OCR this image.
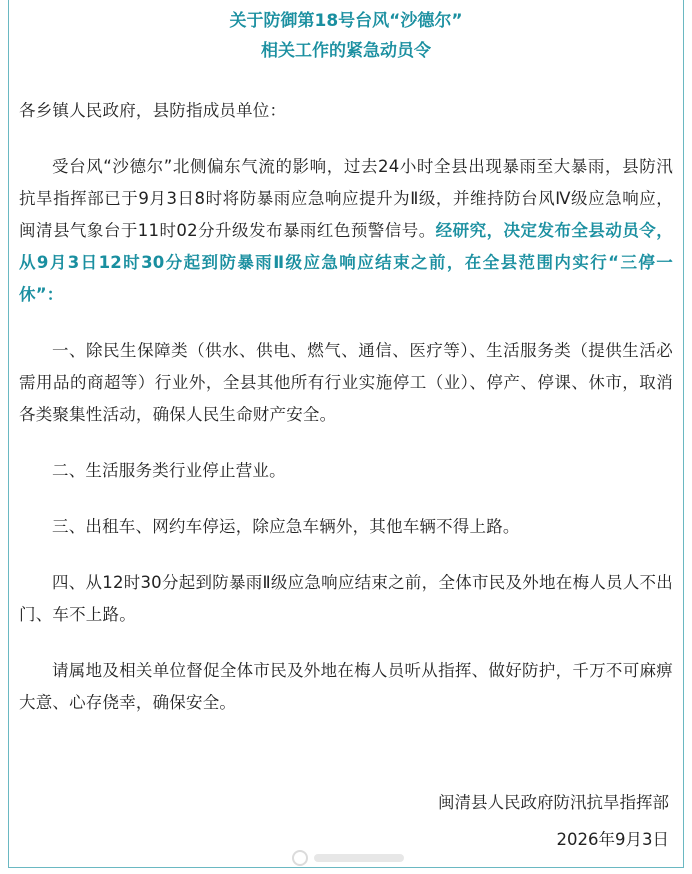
关于防御第18号台风“沙德尔”
相关工作的紧急动员令

各乡镇人民政府，县防指成员单位：

受台风“沙德尔”北侧偏东气流的影响，过去24小时全县出现暴雨至大暴雨，县防汛抗旱指挥部已于9月3日8时将防暴雨应急响应提升为Ⅱ级，并维持防台风Ⅳ级应急响应，闽清县气象台于11时02分升级发布暴雨红色预警信号。经研究，决定发布全县动员令，从9月3日12时30分起到防暴雨Ⅱ级应急响应结束之前，在全县范围内实行“三停一休”：

一、除民生保障类（供水、供电、燃气、通信、医疗等）、生活服务类（提供生活必需用品的商超等）行业外，全县其他所有行业实施停工（业）、停产、停课、休市，取消各类聚集性活动，确保人民生命财产安全。

二、生活服务类行业停止营业。

三、出租车、网约车停运，除应急车辆外，其他车辆不得上路。

四、从12时30分起到防暴雨Ⅱ级应急响应结束之前，全体市民及外地在梅人员人不出门、车不上路。

请属地及相关单位督促全体市民及外地在梅人员听从指挥、做好防护，千万不可麻痹大意、心存侥幸，确保安全。

闽清县人民政府防汛抗旱指挥部
2026年9月3日
